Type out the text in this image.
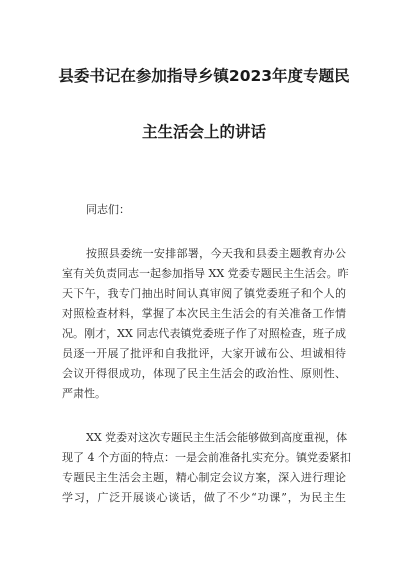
县委书记在参加指导乡镇2023年度专题民
主生活会上的讲话

同志们：

按照县委统一安排部署，今天我和县委主题教育办公

室有关负责同志一起参加指导 XX 党委专题民主生活会。昨

天下午，我专门抽出时间认真审阅了镇党委班子和个人的

对照检查材料，掌握了本次民主生活会的有关准备工作情

况。刚才，XX 同志代表镇党委班子作了对照检查，班子成

员逐一开展了批评和自我批评，大家开诚布公、坦诚相待

会议开得很成功，体现了民主生活会的政治性、原则性、

严肃性。

XX 党委对这次专题民主生活会能够做到高度重视，体

现了 4 个方面的特点：一是会前准备扎实充分。镇党委紧扣

专题民主生活会主题，精心制定会议方案，深入进行理论

学习，广泛开展谈心谈话，做了不少“功课”，为民主生
